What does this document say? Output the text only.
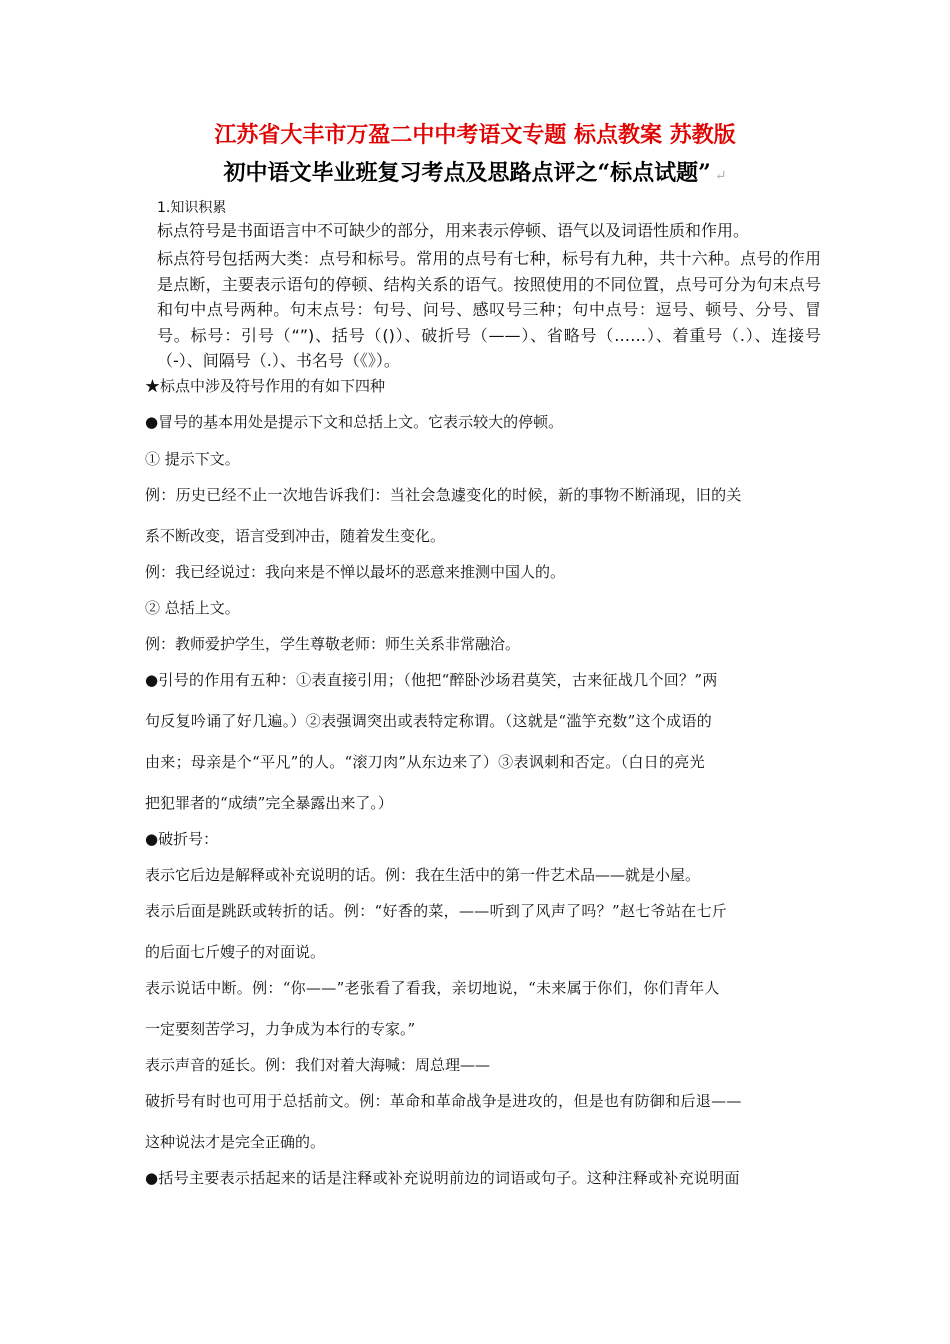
江苏省大丰市万盈二中中考语文专题 标点教案 苏教版
初中语文毕业班复习考点及思路点评之“标点试题” ↵
1.知识积累
标点符号是书面语言中不可缺少的部分，用来表示停顿、语气以及词语性质和作用。
标点符号包括两大类：点号和标号。常用的点号有七种，标号有九种，共十六种。点号的作用是点断，主要表示语句的停顿、结构关系的语气。按照使用的不同位置，点号可分为句末点号和句中点号两种。句末点号：句号、问号、感叹号三种；句中点号：逗号、顿号、分号、冒号。标号：引号（“”)、括号（()）、破折号（——）、省略号（……）、着重号（.）、连接号（-）、间隔号（.）、书名号（《》）。
★标点中涉及符号作用的有如下四种
●冒号的基本用处是提示下文和总括上文。它表示较大的停顿。
① 提示下文。
例：历史已经不止一次地告诉我们：当社会急遽变化的时候，新的事物不断涌现，旧的关
系不断改变，语言受到冲击，随着发生变化。
例：我已经说过：我向来是不惮以最坏的恶意来推测中国人的。
② 总括上文。
例：教师爱护学生，学生尊敬老师：师生关系非常融洽。
●引号的作用有五种：①表直接引用；（他把“醉卧沙场君莫笑，古来征战几个回？”两
句反复吟诵了好几遍。）②表强调突出或表特定称谓。（这就是“滥竽充数”这个成语的
由来；母亲是个“平凡”的人。“滚刀肉”从东边来了）③表讽刺和否定。（白日的亮光
把犯罪者的“成绩”完全暴露出来了。）
●破折号：
表示它后边是解释或补充说明的话。例：我在生活中的第一件艺术品——就是小屋。
表示后面是跳跃或转折的话。例：“好香的菜，——听到了风声了吗？”赵七爷站在七斤
的后面七斤嫂子的对面说。
表示说话中断。例：“你——”老张看了看我，亲切地说，“未来属于你们，你们青年人
一定要刻苦学习，力争成为本行的专家。”
表示声音的延长。例：我们对着大海喊：周总理——
破折号有时也可用于总括前文。例：革命和革命战争是进攻的，但是也有防御和后退——
这种说法才是完全正确的。
●括号主要表示括起来的话是注释或补充说明前边的词语或句子。这种注释或补充说明面
